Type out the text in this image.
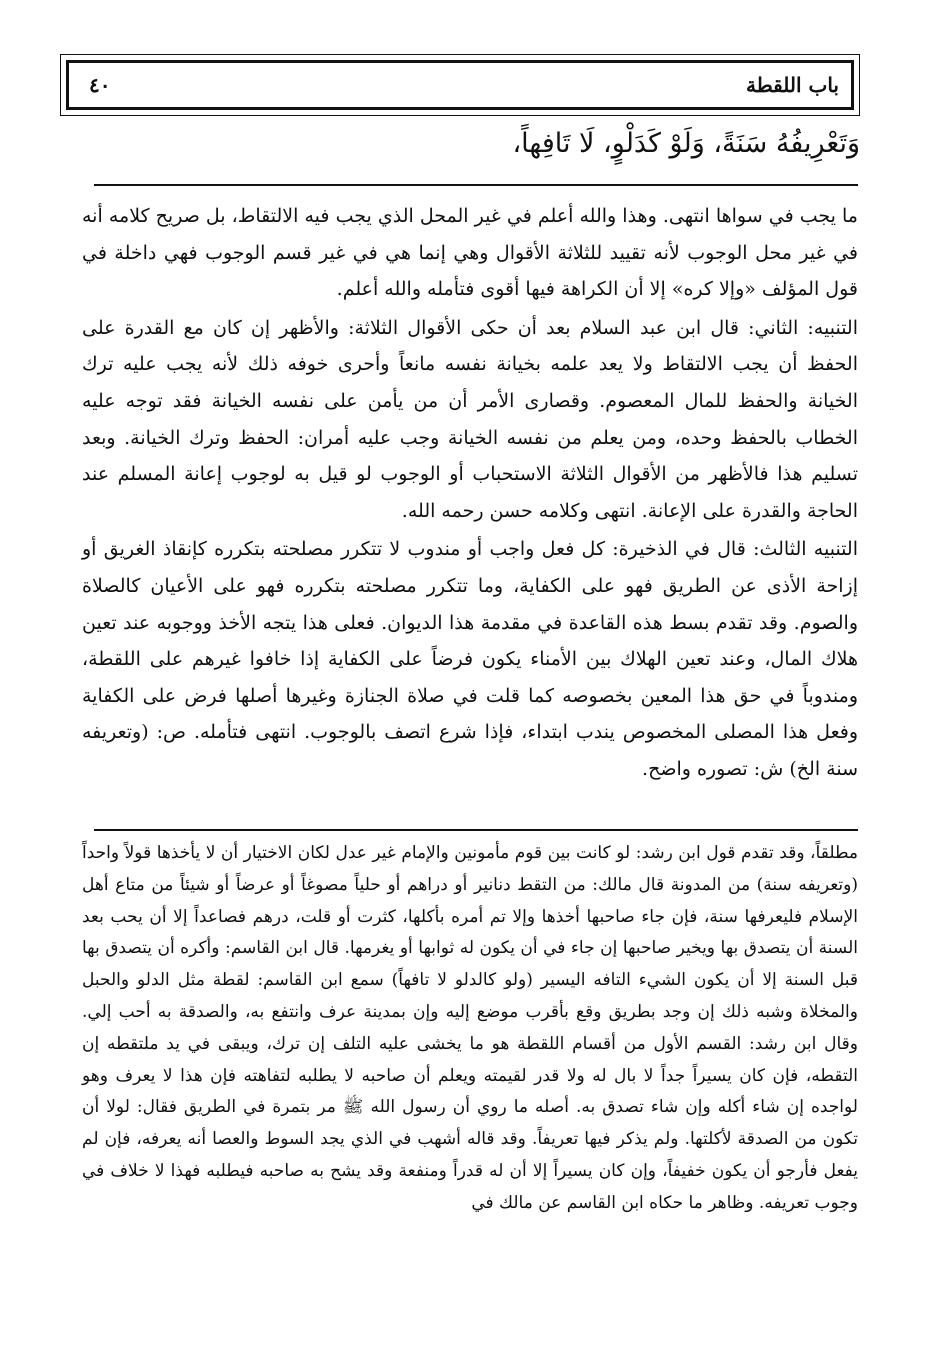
باب اللقطة
٤٠
وَتَعْرِيفُهُ سَنَةً، وَلَوْ كَدَلْوٍ، لَا تَافِهاً،

ما يجب في سواها انتهى. وهذا والله أعلم في غير المحل الذي يجب فيه الالتقاط، بل صريح كلامه أنه في غير محل الوجوب لأنه تقييد للثلاثة الأقوال وهي إنما هي في غير قسم الوجوب فهي داخلة في قول المؤلف «وإلا كره» إلا أن الكراهة فيها أقوى فتأمله والله أعلم.

التنبيه: الثاني: قال ابن عبد السلام بعد أن حكى الأقوال الثلاثة: والأظهر إن كان مع القدرة على الحفظ أن يجب الالتقاط ولا يعد علمه بخيانة نفسه مانعاً وأحرى خوفه ذلك لأنه يجب عليه ترك الخيانة والحفظ للمال المعصوم. وقصارى الأمر أن من يأمن على نفسه الخيانة فقد توجه عليه الخطاب بالحفظ وحده، ومن يعلم من نفسه الخيانة وجب عليه أمران: الحفظ وترك الخيانة. وبعد تسليم هذا فالأظهر من الأقوال الثلاثة الاستحباب أو الوجوب لو قيل به لوجوب إعانة المسلم عند الحاجة والقدرة على الإعانة. انتهى وكلامه حسن رحمه الله.

التنبيه الثالث: قال في الذخيرة: كل فعل واجب أو مندوب لا تتكرر مصلحته بتكرره كإنقاذ الغريق أو إزاحة الأذى عن الطريق فهو على الكفاية، وما تتكرر مصلحته بتكرره فهو على الأعيان كالصلاة والصوم. وقد تقدم بسط هذه القاعدة في مقدمة هذا الديوان. فعلى هذا يتجه الأخذ ووجوبه عند تعين هلاك المال، وعند تعين الهلاك بين الأمناء يكون فرضاً على الكفاية إذا خافوا غيرهم على اللقطة، ومندوباً في حق هذا المعين بخصوصه كما قلت في صلاة الجنازة وغيرها أصلها فرض على الكفاية وفعل هذا المصلى المخصوص يندب ابتداء، فإذا شرع اتصف بالوجوب. انتهى فتأمله. ص: (وتعريفه سنة الخ) ش: تصوره واضح.

مطلقاً، وقد تقدم قول ابن رشد: لو كانت بين قوم مأمونين والإمام غير عدل لكان الاختيار أن لا يأخذها قولاً واحداً (وتعريفه سنة) من المدونة قال مالك: من التقط دنانير أو دراهم أو حلياً مصوغاً أو عرضاً أو شيئاً من متاع أهل الإسلام فليعرفها سنة، فإن جاء صاحبها أخذها وإلا تم أمره بأكلها، كثرت أو قلت، درهم فصاعداً إلا أن يحب بعد السنة أن يتصدق بها ويخير صاحبها إن جاء في أن يكون له ثوابها أو يغرمها. قال ابن القاسم: وأكره أن يتصدق بها قبل السنة إلا أن يكون الشيء التافه اليسير (ولو كالدلو لا تافهاً) سمع ابن القاسم: لقطة مثل الدلو والحبل والمخلاة وشبه ذلك إن وجد بطريق وقع بأقرب موضع إليه وإن بمدينة عرف وانتفع به، والصدقة به أحب إلي. وقال ابن رشد: القسم الأول من أقسام اللقطة هو ما يخشى عليه التلف إن ترك، ويبقى في يد ملتقطه إن التقطه، فإن كان يسيراً جداً لا بال له ولا قدر لقيمته ويعلم أن صاحبه لا يطلبه لتفاهته فإن هذا لا يعرف وهو لواجده إن شاء أكله وإن شاء تصدق به. أصله ما روي أن رسول الله ﷺ مر بتمرة في الطريق فقال: لولا أن تكون من الصدقة لأكلتها. ولم يذكر فيها تعريفاً. وقد قاله أشهب في الذي يجد السوط والعصا أنه يعرفه، فإن لم يفعل فأرجو أن يكون خفيفاً، وإن كان يسيراً إلا أن له قدراً ومنفعة وقد يشح به صاحبه فيطلبه فهذا لا خلاف في وجوب تعريفه. وظاهر ما حكاه ابن القاسم عن مالك في
